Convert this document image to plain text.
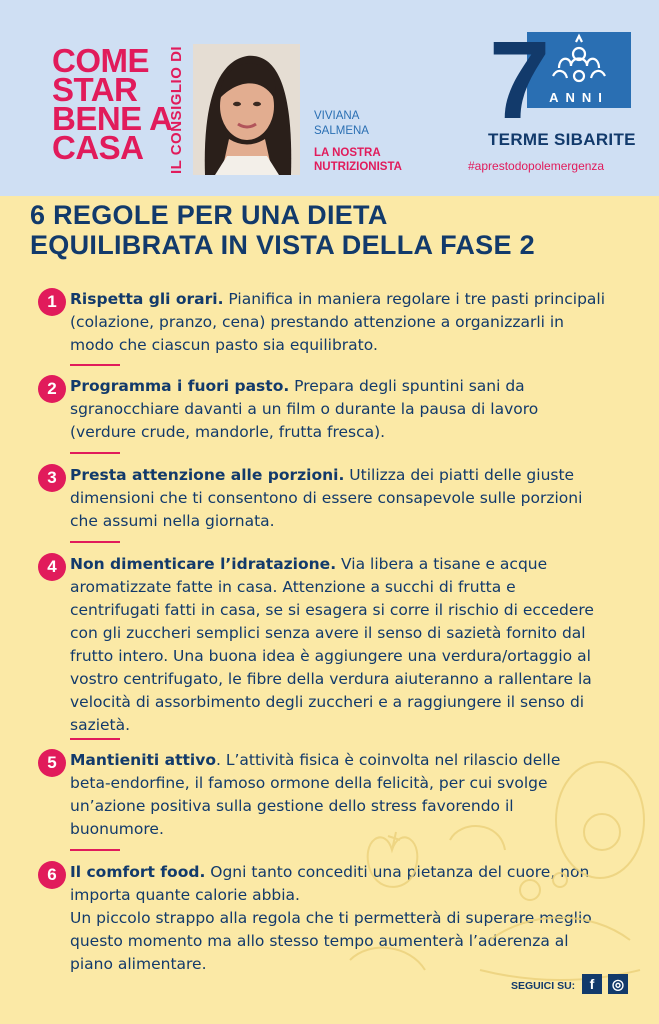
COME
STAR
BENE A
CASA	IL CONSIGLIO DI	VIVIANA
SALMENA
LA NOSTRA
NUTRIZIONISTA
7
ANNI
TERME SIBARITE
#aprestodopolemergenza
6 REGOLE PER UNA DIETA
EQUILIBRATA IN VISTA DELLA FASE 2
1 Rispetta gli orari. Pianifica in maniera regolare i tre pasti principali
(colazione, pranzo, cena) prestando attenzione a organizzarli in
modo che ciascun pasto sia equilibrato.
2 Programma i fuori pasto. Prepara degli spuntini sani da
sgranocchiare davanti a un film o durante la pausa di lavoro
(verdure crude, mandorle, frutta fresca).
3 Presta attenzione alle porzioni. Utilizza dei piatti delle giuste
dimensioni che ti consentono di essere consapevole sulle porzioni
che assumi nella giornata.
4 Non dimenticare l’idratazione. Via libera a tisane e acque
aromatizzate fatte in casa. Attenzione a succhi di frutta e
centrifugati fatti in casa, se si esagera si corre il rischio di eccedere
con gli zuccheri semplici senza avere il senso di sazietà fornito dal
frutto intero. Una buona idea è aggiungere una verdura/ortaggio al
vostro centrifugato, le fibre della verdura aiuteranno a rallentare la
velocità di assorbimento degli zuccheri e a raggiungere il senso di
sazietà.
5 Mantieniti attivo. L’attività fisica è coinvolta nel rilascio delle
beta-endorfine, il famoso ormone della felicità, per cui svolge
un’azione positiva sulla gestione dello stress favorendo il
buonumore.
6 Il comfort food. Ogni tanto concediti una pietanza del cuore, non
importa quante calorie abbia.
Un piccolo strappo alla regola che ti permetterà di superare meglio
questo momento ma allo stesso tempo aumenterà l’aderenza al
piano alimentare.
SEGUICI SU:	f	◎
